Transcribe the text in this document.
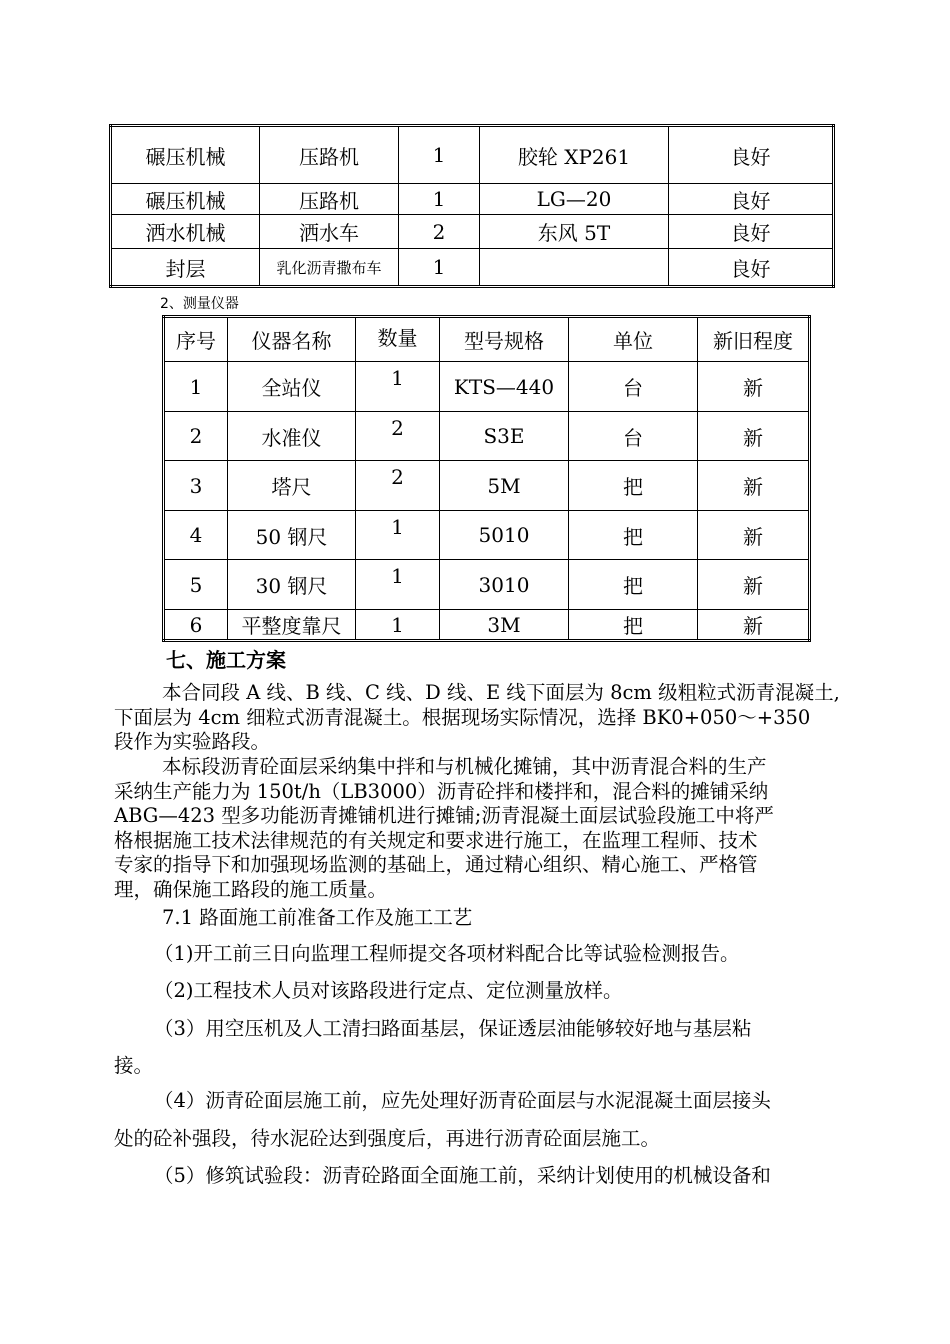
碾压机械	压路机	1	胶轮 XP261	良好
碾压机械	压路机	1	LG—20	良好
洒水机械	洒水车	2	东风 5T	良好
封层	乳化沥青撒布车	1		良好
2、测量仪器
序号	仪器名称	数量	型号规格	单位	新旧程度
1	全站仪	1	KTS—440	台	新
2	水准仪	2	S3E	台	新
3	塔尺	2	5M	把	新
4	50 钢尺	1	5010	把	新
5	30 钢尺	1	3010	把	新
6	平整度靠尺	1	3M	把	新
七、施工方案
本合同段 A 线、B 线、C 线、D 线、E 线下面层为 8cm 级粗粒式沥青混凝土,
下面层为 4cm 细粒式沥青混凝土。根据现场实际情况，选择 BK0+050～+350
段作为实验路段。
本标段沥青砼面层采纳集中拌和与机械化摊铺，其中沥青混合料的生产
采纳生产能力为 150t/h（LB3000）沥青砼拌和楼拌和，混合料的摊铺采纳
ABG—423 型多功能沥青摊铺机进行摊铺;沥青混凝土面层试验段施工中将严
格根据施工技术法律规范的有关规定和要求进行施工，在监理工程师、技术
专家的指导下和加强现场监测的基础上，通过精心组织、精心施工、严格管
理，确保施工路段的施工质量。
7.1 路面施工前准备工作及施工工艺
（1)开工前三日向监理工程师提交各项材料配合比等试验检测报告。
（2)工程技术人员对该路段进行定点、定位测量放样。
（3）用空压机及人工清扫路面基层，保证透层油能够较好地与基层粘
接。
（4）沥青砼面层施工前，应先处理好沥青砼面层与水泥混凝土面层接头
处的砼补强段，待水泥砼达到强度后，再进行沥青砼面层施工。
（5）修筑试验段：沥青砼路面全面施工前，采纳计划使用的机械设备和
